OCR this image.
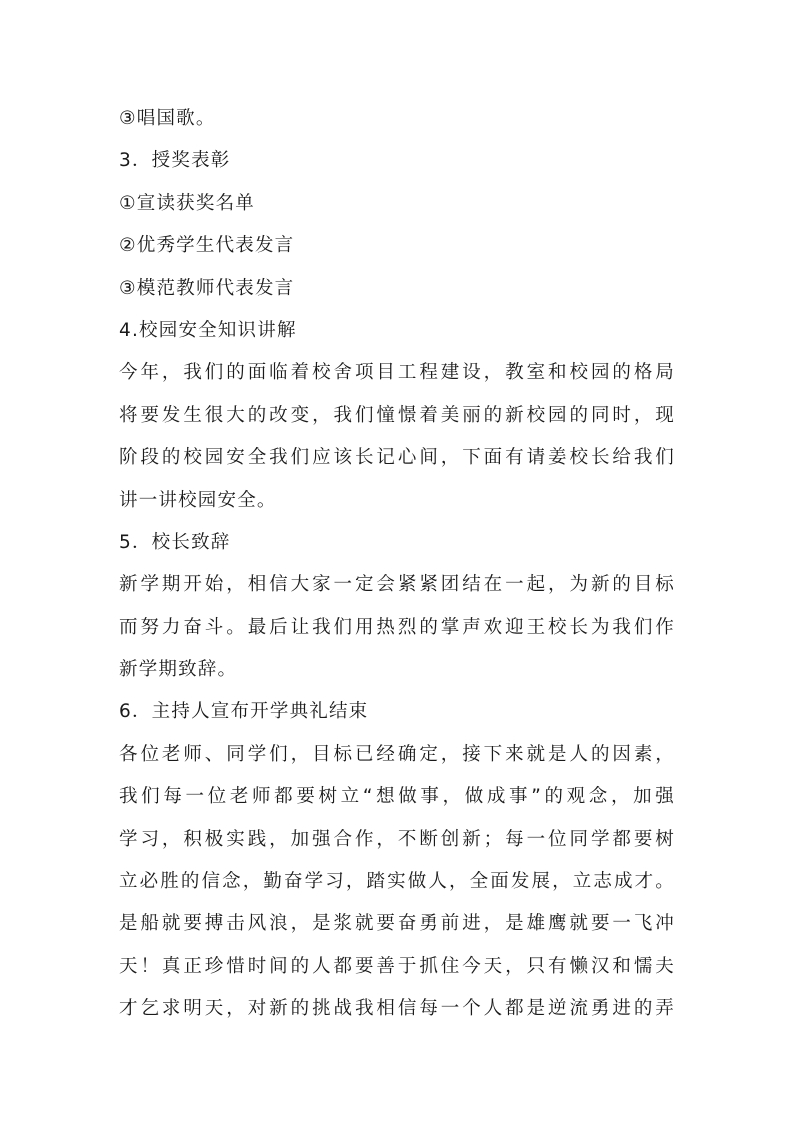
③唱国歌。
3．授奖表彰
①宣读获奖名单
②优秀学生代表发言
③模范教师代表发言
4.校园安全知识讲解
今年，我们的面临着校舍项目工程建设，教室和校园的格局
将要发生很大的改变，我们憧憬着美丽的新校园的同时，现
阶段的校园安全我们应该长记心间，下面有请姜校长给我们
讲一讲校园安全。
5．校长致辞
新学期开始，相信大家一定会紧紧团结在一起，为新的目标
而努力奋斗。最后让我们用热烈的掌声欢迎王校长为我们作
新学期致辞。
6．主持人宣布开学典礼结束
各位老师、同学们，目标已经确定，接下来就是人的因素，
我们每一位老师都要树立“想做事，做成事”的观念，加强
学习，积极实践，加强合作，不断创新；每一位同学都要树
立必胜的信念，勤奋学习，踏实做人，全面发展，立志成才。
是船就要搏击风浪，是浆就要奋勇前进，是雄鹰就要一飞冲
天！真正珍惜时间的人都要善于抓住今天，只有懒汉和懦夫
才乞求明天，对新的挑战我相信每一个人都是逆流勇进的弄
